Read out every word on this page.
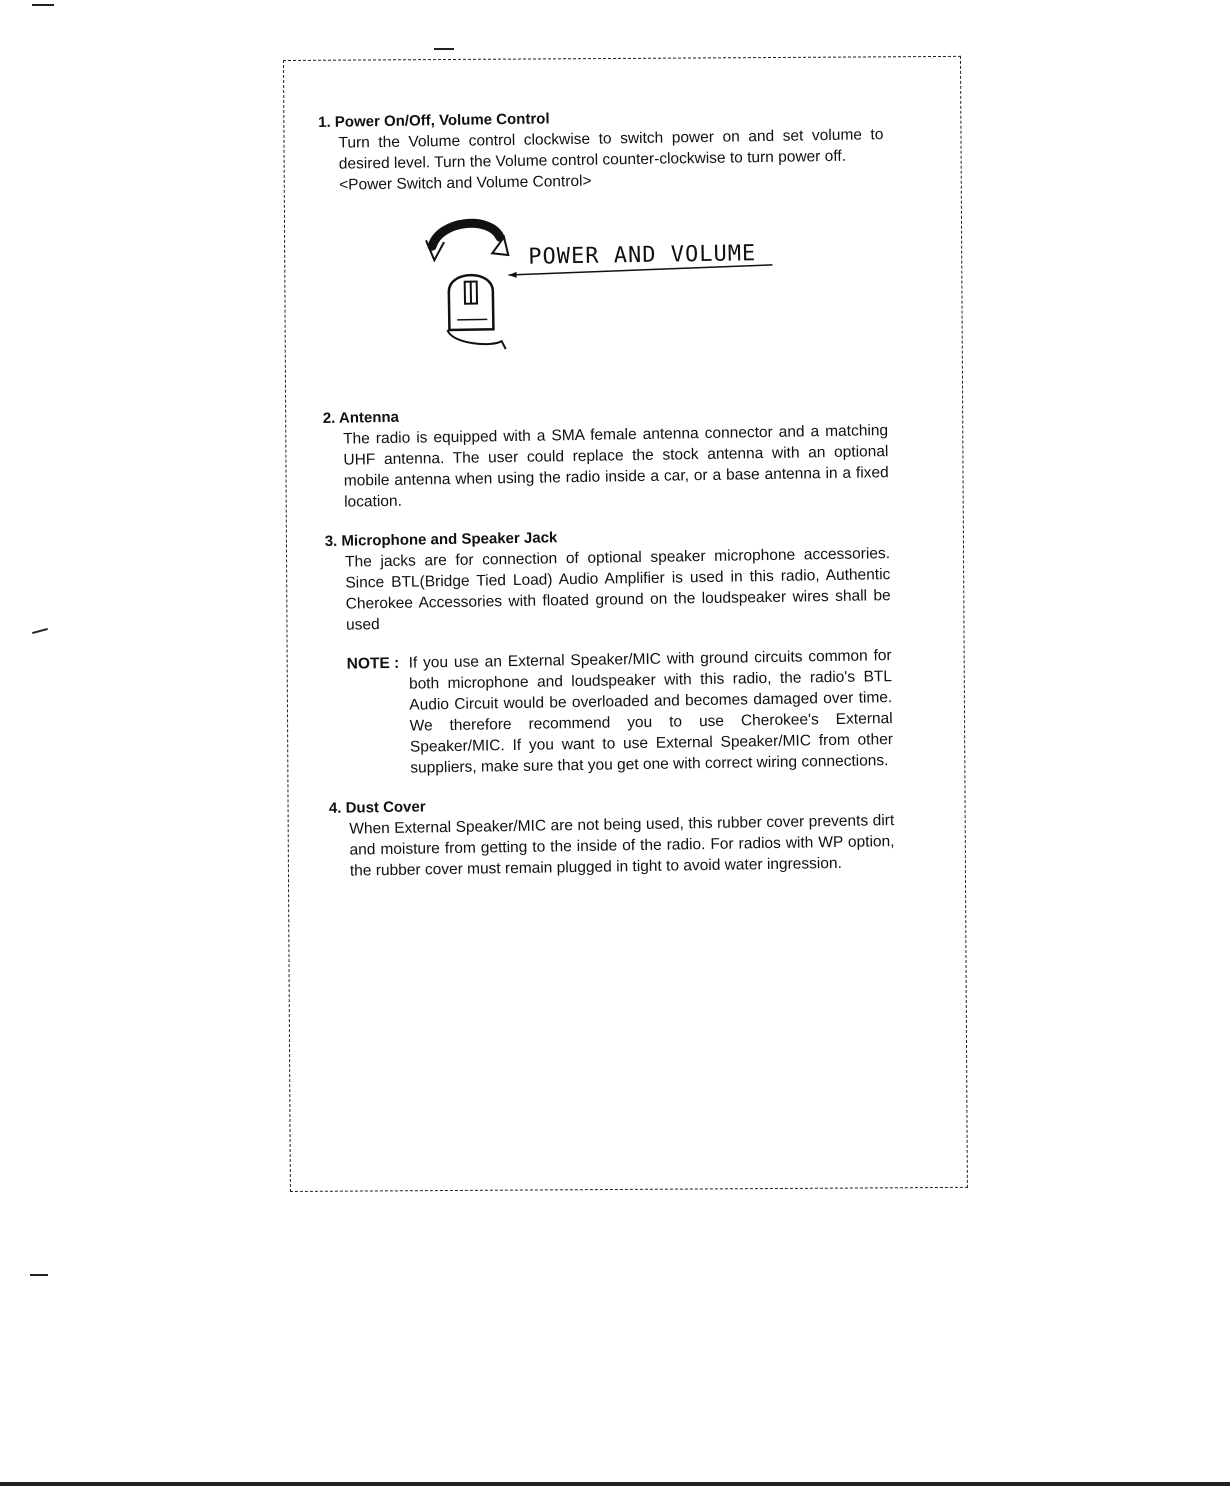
1. Power On/Off, Volume Control

Turn the Volume control clockwise to switch power on and set volume to desired level. Turn the Volume control counter-clockwise to turn power off.

<Power Switch and Volume Control>

POWER AND VOLUME
2. Antenna

The radio is equipped with a SMA female antenna connector and a matching UHF antenna. The user could replace the stock antenna with an optional mobile antenna when using the radio inside a car, or a base antenna in a fixed location.

3. Microphone and Speaker Jack

The jacks are for connection of optional speaker microphone accessories. Since BTL(Bridge Tied Load) Audio Amplifier is used in this radio, Authentic Cherokee Accessories with floated ground on the loudspeaker wires shall be used

NOTE : If you use an External Speaker/MIC with ground circuits common for both microphone and loudspeaker with this radio, the radio's BTL Audio Circuit would be overloaded and becomes damaged over time. We therefore recommend you to use Cherokee's External Speaker/MIC. If you want to use External Speaker/MIC from other suppliers, make sure that you get one with correct wiring connections.
4. Dust Cover

When External Speaker/MIC are not being used, this rubber cover prevents dirt and moisture from getting to the inside of the radio. For radios with WP option, the rubber cover must remain plugged in tight to avoid water ingression.
